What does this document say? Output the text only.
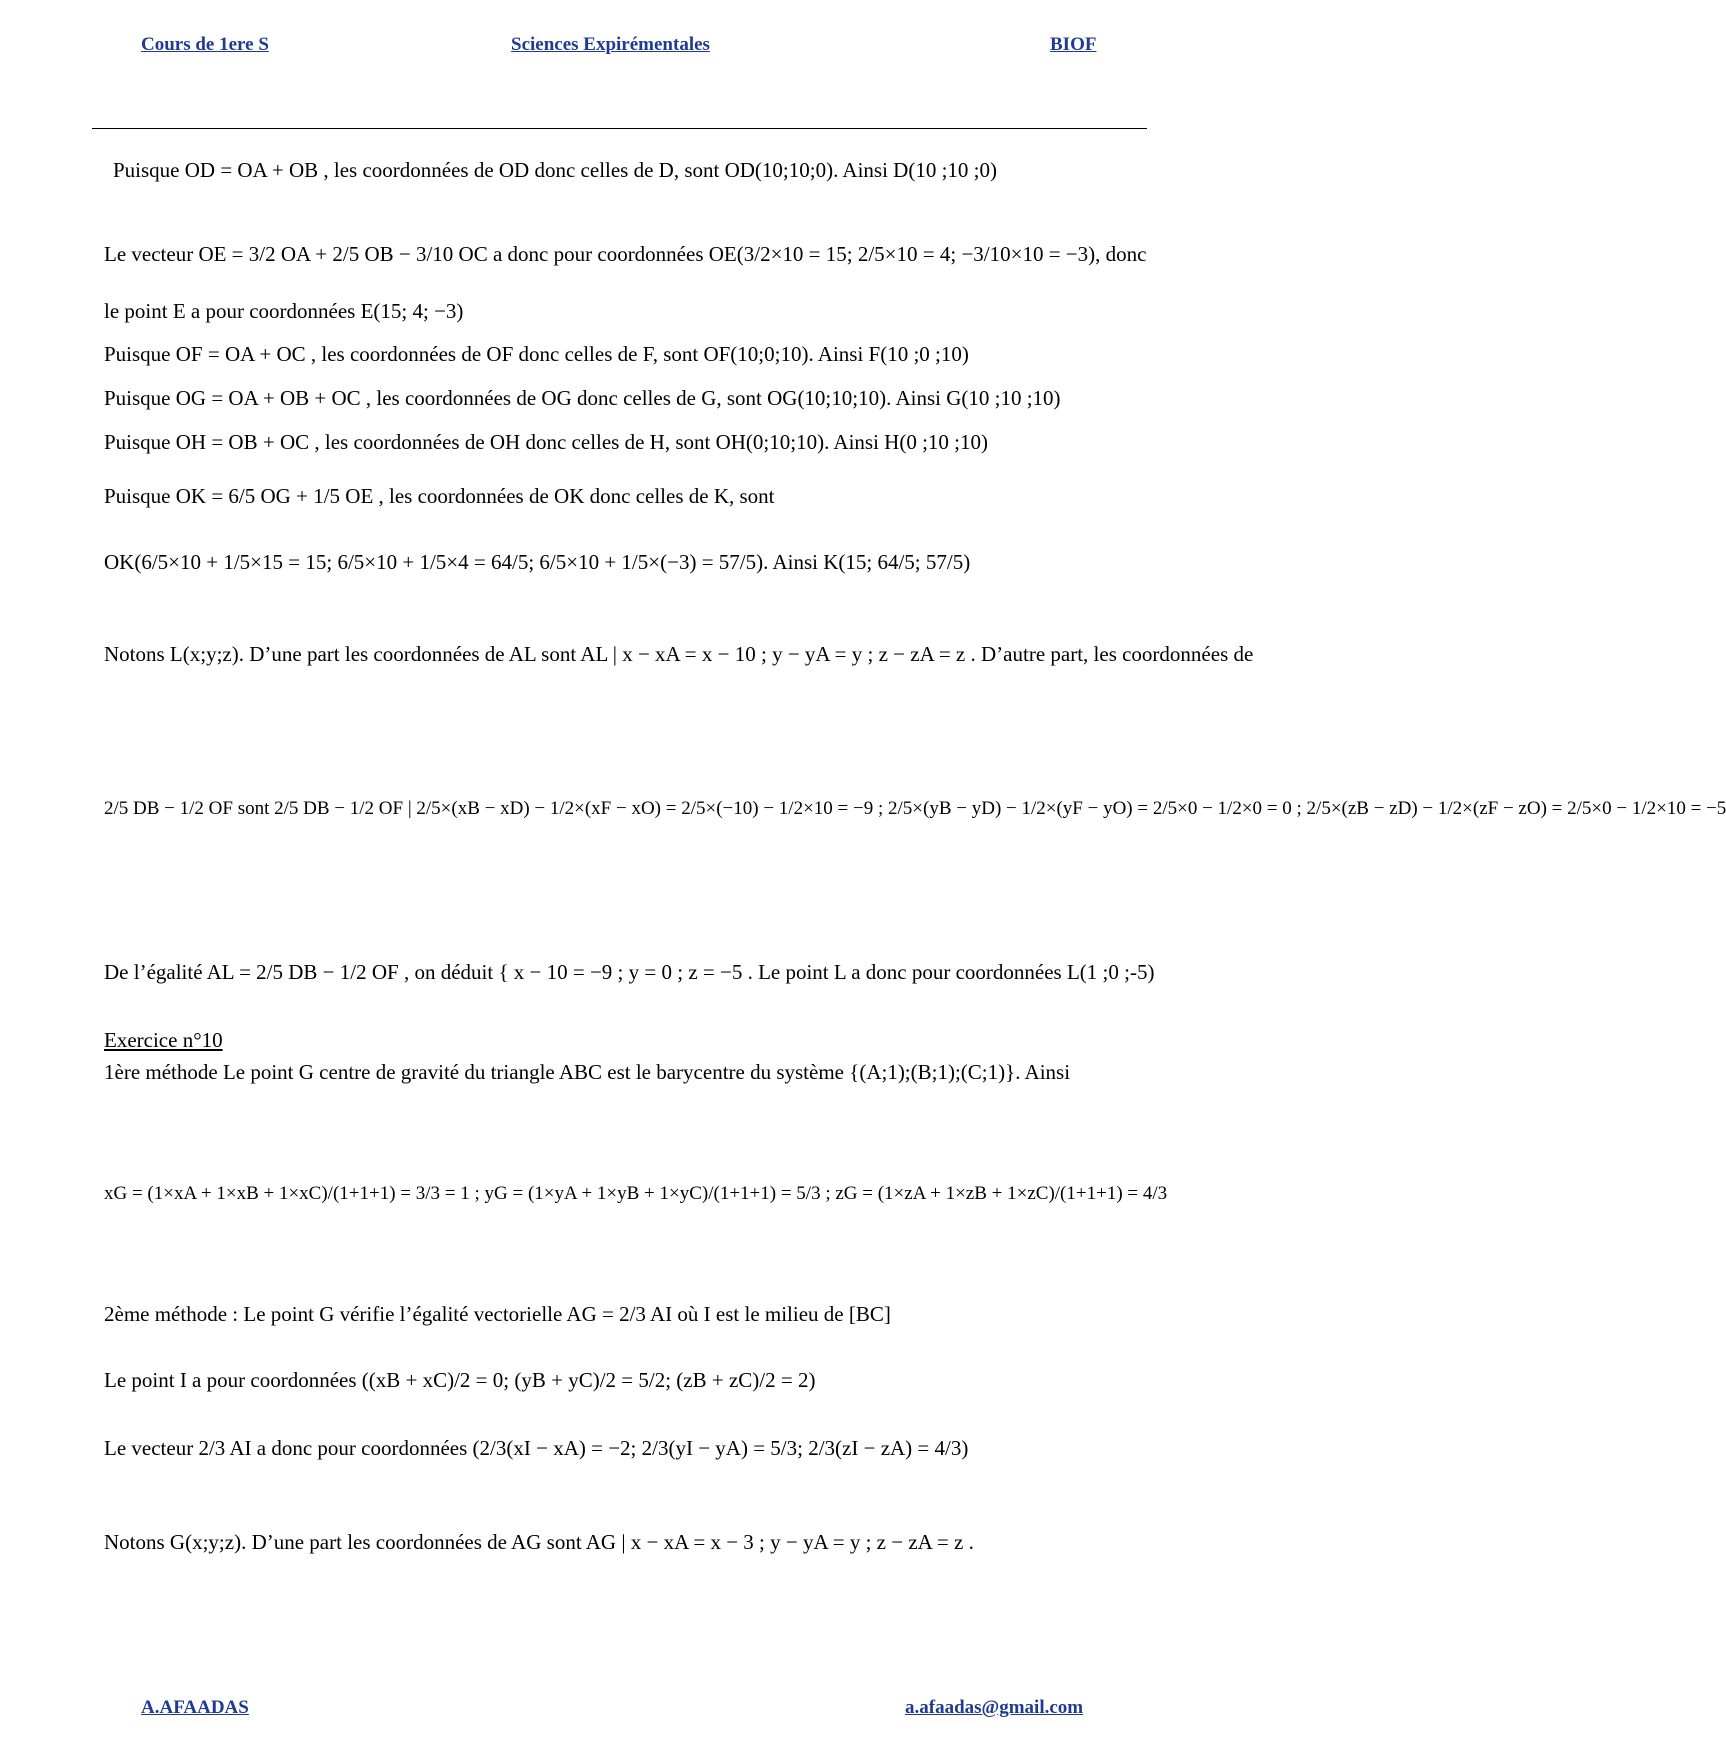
Cours de 1ere S	Sciences Expirémentales	BIOF
Puisque OD = OA + OB , les coordonnées de OD donc celles de D, sont OD(10;10;0). Ainsi D(10 ;10 ;0)
Le vecteur OE = 3/2 OA + 2/5 OB − 3/10 OC a donc pour coordonnées OE(3/2×10 = 15; 2/5×10 = 4; −3/10×10 = −3), donc
le point E a pour coordonnées E(15; 4; −3)
Puisque OF = OA + OC , les coordonnées de OF donc celles de F, sont OF(10;0;10). Ainsi F(10 ;0 ;10)
Puisque OG = OA + OB + OC , les coordonnées de OG donc celles de G, sont OG(10;10;10). Ainsi G(10 ;10 ;10)
Puisque OH = OB + OC , les coordonnées de OH donc celles de H, sont OH(0;10;10). Ainsi H(0 ;10 ;10)
Puisque OK = 6/5 OG + 1/5 OE , les coordonnées de OK donc celles de K, sont
OK(6/5×10 + 1/5×15 = 15; 6/5×10 + 1/5×4 = 64/5; 6/5×10 + 1/5×(−3) = 57/5). Ainsi K(15; 64/5; 57/5)
Notons L(x;y;z). D’une part les coordonnées de AL sont AL | x − xA = x − 10 ; y − yA = y ; z − zA = z . D’autre part, les coordonnées de
2/5 DB − 1/2 OF sont 2/5 DB − 1/2 OF | 2/5×(xB − xD) − 1/2×(xF − xO) = 2/5×(−10) − 1/2×10 = −9 ; 2/5×(yB − yD) − 1/2×(yF − yO) = 2/5×0 − 1/2×0 = 0 ; 2/5×(zB − zD) − 1/2×(zF − zO) = 2/5×0 − 1/2×10 = −5
De l’égalité AL = 2/5 DB − 1/2 OF , on déduit { x − 10 = −9 ; y = 0 ; z = −5 . Le point L a donc pour coordonnées L(1 ;0 ;-5)
Exercice n°10
1ère méthode Le point G centre de gravité du triangle ABC est le barycentre du système {(A;1);(B;1);(C;1)}. Ainsi
xG = (1×xA + 1×xB + 1×xC)/(1+1+1) = 3/3 = 1 ; yG = (1×yA + 1×yB + 1×yC)/(1+1+1) = 5/3 ; zG = (1×zA + 1×zB + 1×zC)/(1+1+1) = 4/3
2ème méthode : Le point G vérifie l’égalité vectorielle AG = 2/3 AI où I est le milieu de [BC]
Le point I a pour coordonnées ((xB + xC)/2 = 0; (yB + yC)/2 = 5/2; (zB + zC)/2 = 2)
Le vecteur 2/3 AI a donc pour coordonnées (2/3(xI − xA) = −2; 2/3(yI − yA) = 5/3; 2/3(zI − zA) = 4/3)
Notons G(x;y;z). D’une part les coordonnées de AG sont AG | x − xA = x − 3 ; y − yA = y ; z − zA = z .
A.AFAADAS	a.afaadas@gmail.com
